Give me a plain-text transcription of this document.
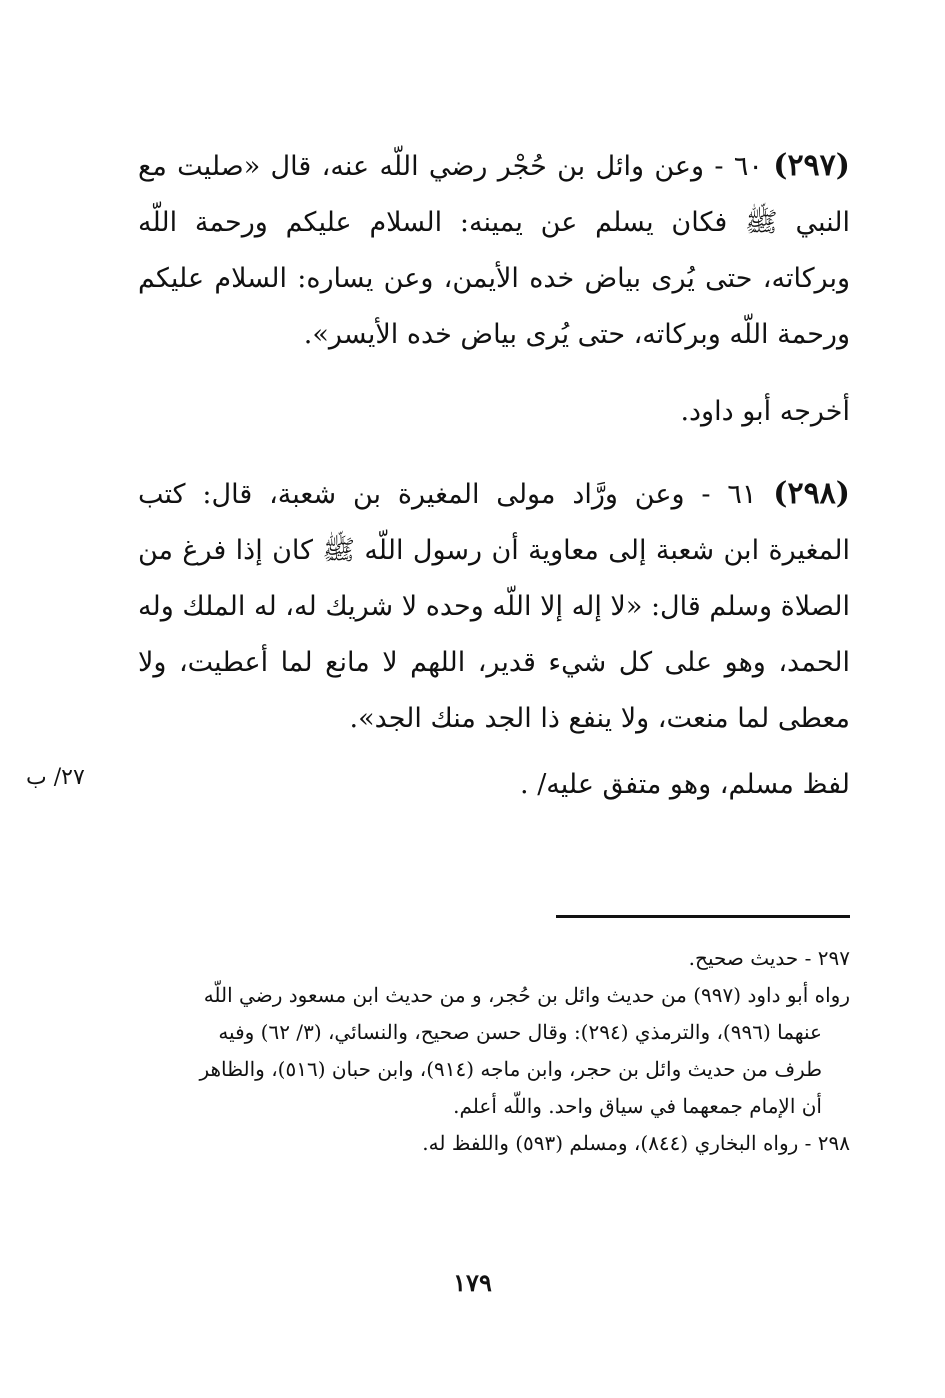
(٢٩٧) ٦٠ - وعن وائل بن حُجْر رضي اللّه عنه، قال «صليت مع النبي ﷺ فكان يسلم عن يمينه: السلام عليكم ورحمة اللّه وبركاته، حتى يُرى بياض خده الأيمن، وعن يساره: السلام عليكم ورحمة اللّه وبركاته، حتى يُرى بياض خده الأيسر».
أخرجه أبو داود.
(٢٩٨) ٦١ - وعن ورَّاد مولى المغيرة بن شعبة، قال: كتب المغيرة ابن شعبة إلى معاوية أن رسول اللّه ﷺ كان إذا فرغ من الصلاة وسلم قال: «لا إله إلا اللّه وحده لا شريك له، له الملك وله الحمد، وهو على كل شيء قدير، اللهم لا مانع لما أعطيت، ولا معطى لما منعت، ولا ينفع ذا الجد منك الجد».
لفظ مسلم، وهو متفق عليه/ .
٢٧/ ب
٢٩٧ - حديث صحيح.
رواه أبو داود (٩٩٧) من حديث وائل بن حُجر، و من حديث ابن مسعود رضي اللّه
عنهما (٩٩٦)، والترمذي (٢٩٤): وقال حسن صحيح، والنسائي، (٣/ ٦٢) وفيه
طرف من حديث وائل بن حجر، وابن ماجه (٩١٤)، وابن حبان (٥١٦)، والظاهر
أن الإمام جمعهما في سياق واحد. واللّه أعلم.
٢٩٨ - رواه البخاري (٨٤٤)، ومسلم (٥٩٣) واللفظ له.
١٧٩
